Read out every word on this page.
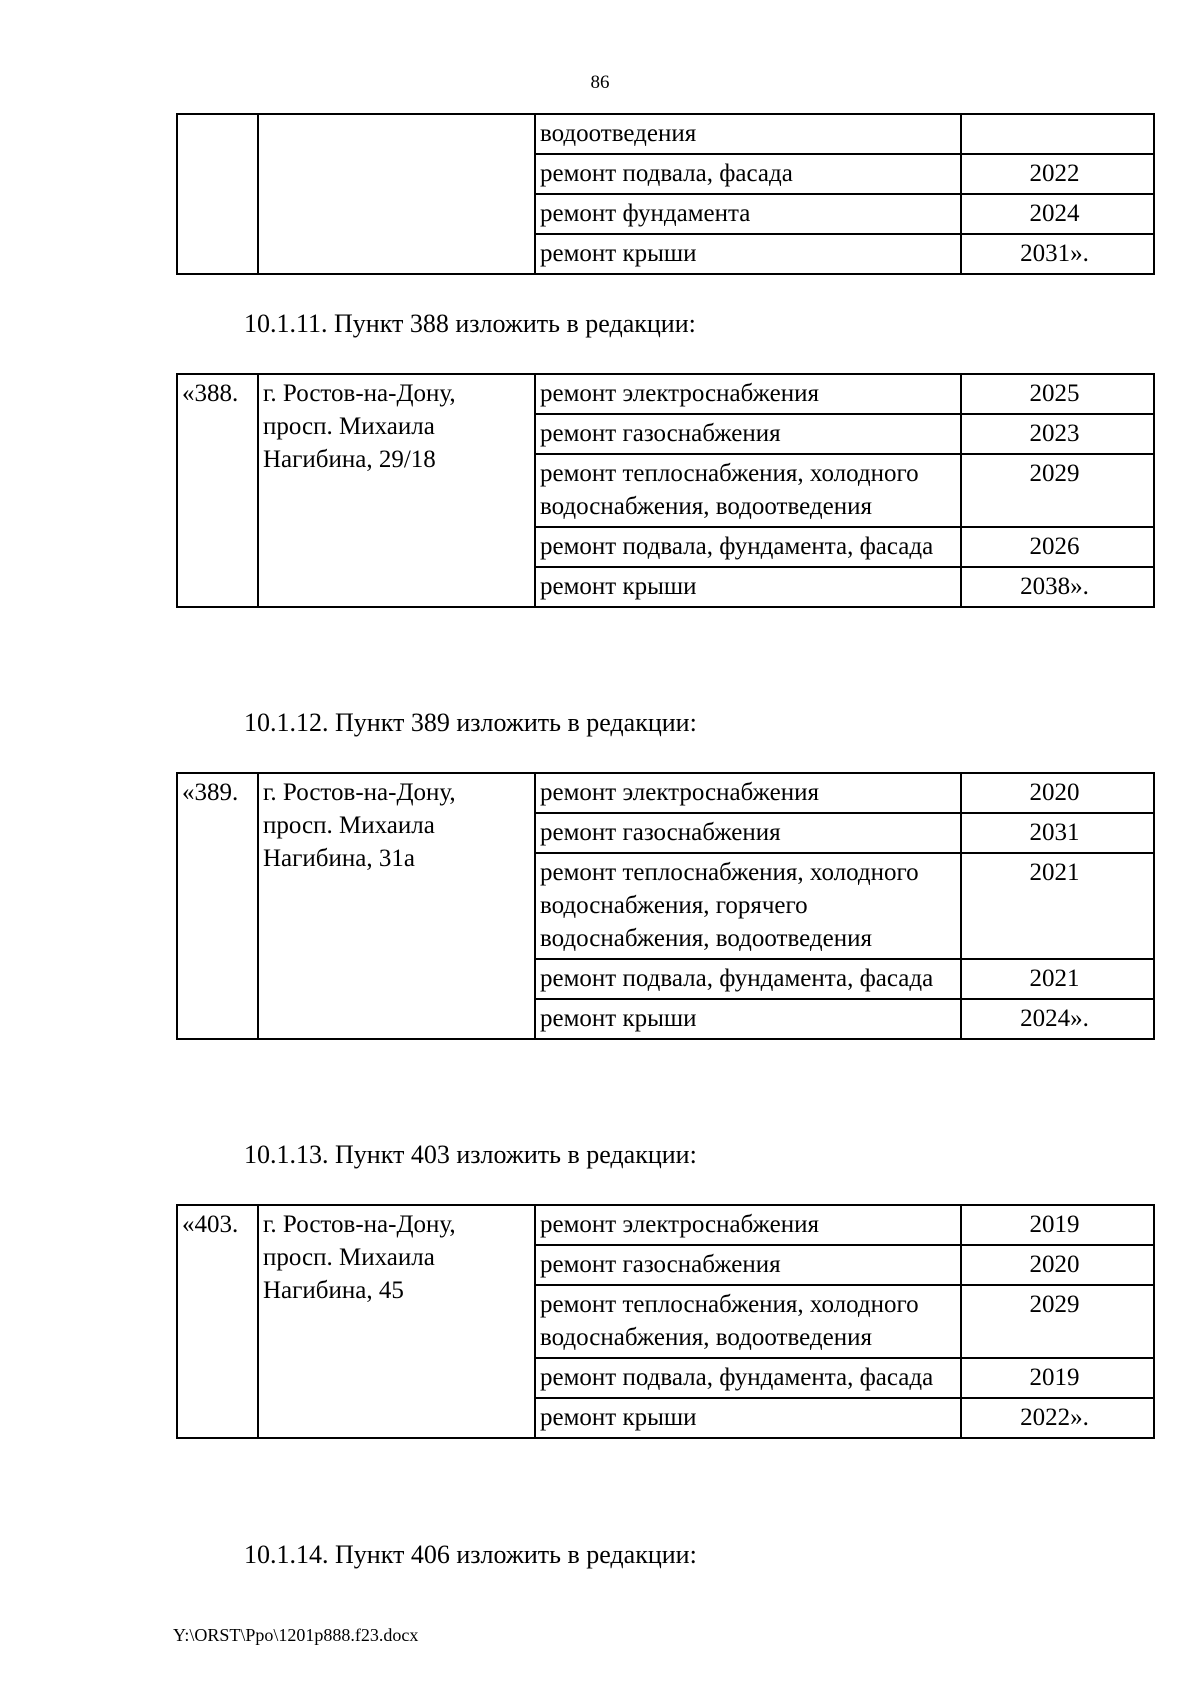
86
		водоотведения	
		ремонт подвала, фасада	2022
		ремонт фундамента	2024
		ремонт крыши	2031».
10.1.11. Пункт 388 изложить в редакции:
«388.	г. Ростов-на-Дону, просп. Михаила Нагибина, 29/18	ремонт электроснабжения	2025
		ремонт газоснабжения	2023
		ремонт теплоснабжения, холодного водоснабжения, водоотведения	2029
		ремонт подвала, фундамента, фасада	2026
		ремонт крыши	2038».
10.1.12. Пункт 389 изложить в редакции:
«389.	г. Ростов-на-Дону, просп. Михаила Нагибина, 31а	ремонт электроснабжения	2020
		ремонт газоснабжения	2031
		ремонт теплоснабжения, холодного водоснабжения, горячего водоснабжения, водоотведения	2021
		ремонт подвала, фундамента, фасада	2021
		ремонт крыши	2024».
10.1.13. Пункт 403 изложить в редакции:
«403.	г. Ростов-на-Дону, просп. Михаила Нагибина, 45	ремонт электроснабжения	2019
		ремонт газоснабжения	2020
		ремонт теплоснабжения, холодного водоснабжения, водоотведения	2029
		ремонт подвала, фундамента, фасада	2019
		ремонт крыши	2022».
10.1.14. Пункт 406 изложить в редакции:
Y:\ORST\Ppo\1201p888.f23.docx
